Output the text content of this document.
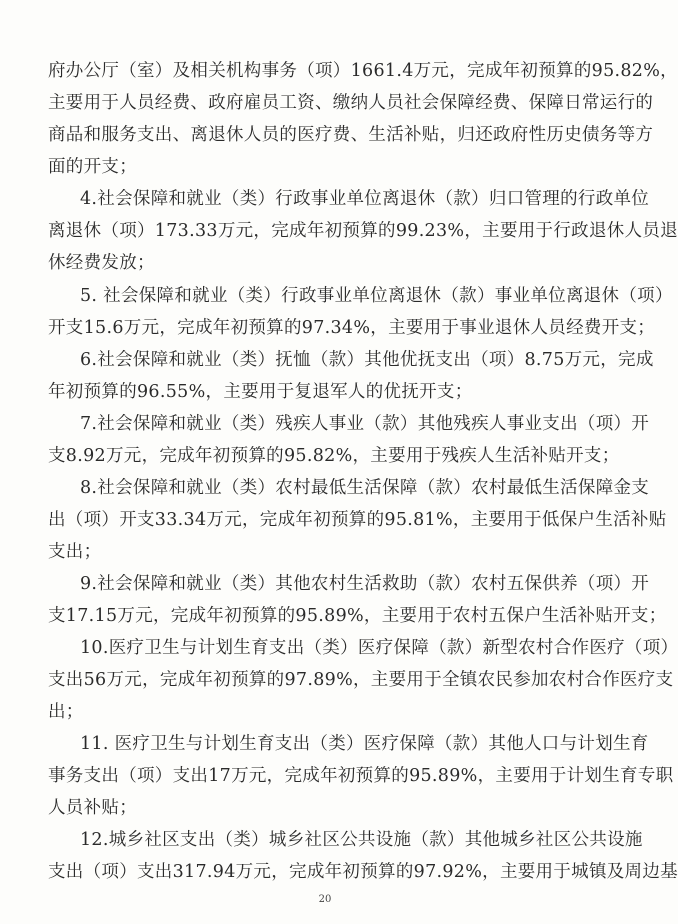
府办公厅（室）及相关机构事务（项）1661.4万元，完成年初预算的95.82%，
主要用于人员经费、政府雇员工资、缴纳人员社会保障经费、保障日常运行的
商品和服务支出、离退休人员的医疗费、生活补贴，归还政府性历史债务等方
面的开支；
4.社会保障和就业（类）行政事业单位离退休（款）归口管理的行政单位
离退休（项）173.33万元，完成年初预算的99.23%，主要用于行政退休人员退
休经费发放；
5. 社会保障和就业（类）行政事业单位离退休（款）事业单位离退休（项）
开支15.6万元，完成年初预算的97.34%，主要用于事业退休人员经费开支；
6.社会保障和就业（类）抚恤（款）其他优抚支出（项）8.75万元，完成
年初预算的96.55%，主要用于复退军人的优抚开支；
7.社会保障和就业（类）残疾人事业（款）其他残疾人事业支出（项）开
支8.92万元，完成年初预算的95.82%，主要用于残疾人生活补贴开支；
8.社会保障和就业（类）农村最低生活保障（款）农村最低生活保障金支
出（项）开支33.34万元，完成年初预算的95.81%，主要用于低保户生活补贴
支出；
9.社会保障和就业（类）其他农村生活救助（款）农村五保供养（项）开
支17.15万元，完成年初预算的95.89%，主要用于农村五保户生活补贴开支；
10.医疗卫生与计划生育支出（类）医疗保障（款）新型农村合作医疗（项）
支出56万元，完成年初预算的97.89%，主要用于全镇农民参加农村合作医疗支
出；
11. 医疗卫生与计划生育支出（类）医疗保障（款）其他人口与计划生育
事务支出（项）支出17万元，完成年初预算的95.89%，主要用于计划生育专职
人员补贴；
12.城乡社区支出（类）城乡社区公共设施（款）其他城乡社区公共设施
支出（项）支出317.94万元，完成年初预算的97.92%，主要用于城镇及周边基
20
